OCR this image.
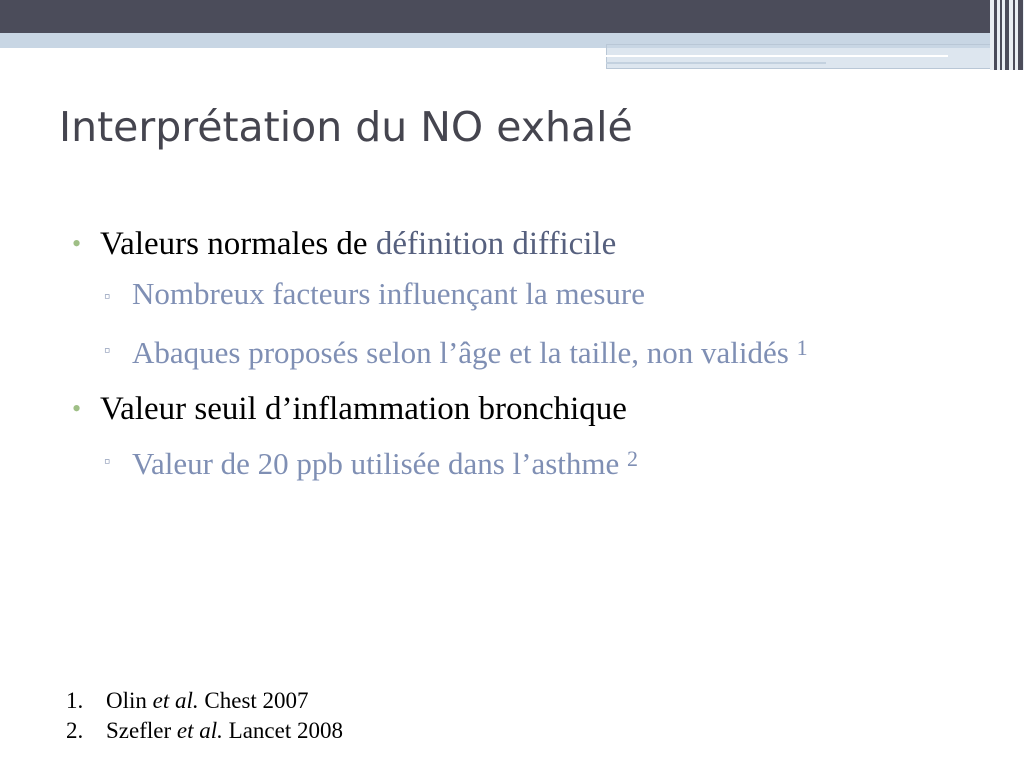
Interprétation du NO exhalé
• Valeurs normales de définition difficile
▫ Nombreux facteurs influençant la mesure
▫ Abaques proposés selon l’âge et la taille, non validés $^1$
• Valeur seuil d’inflammation bronchique
▫ Valeur de 20 ppb utilisée dans l’asthme $^2$
1. Olin et al. Chest 2007
2. Szefler et al. Lancet 2008
